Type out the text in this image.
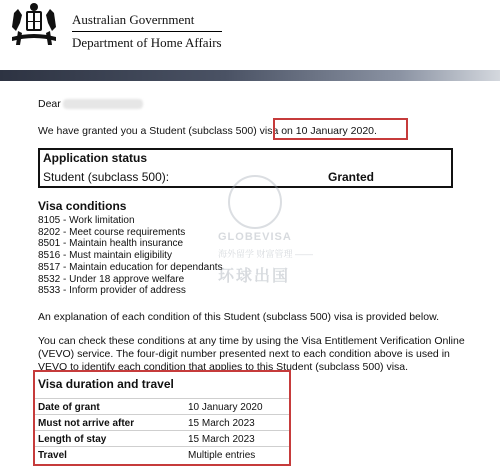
Australian Government
Department of Home Affairs
Dear
We have granted you a Student (subclass 500) visa on 10 January 2020.
Application status
Student (subclass 500):	Granted
Visa conditions
8105 - Work limitation
8202 - Meet course requirements
8501 - Maintain health insurance
8516 - Must maintain eligibility
8517 - Maintain education for dependants
8532 - Under 18 approve welfare
8533 - Inform provider of address
An explanation of each condition of this Student (subclass 500) visa is provided below.
You can check these conditions at any time by using the Visa Entitlement Verification Online (VEVO) service. The four-digit number presented next to each condition above is used in VEVO to identify each condition that applies to this Student (subclass 500) visa.
Visa duration and travel
Date of grant	10 January 2020
Must not arrive after	15 March 2023
Length of stay	15 March 2023
Travel	Multiple entries
GLOBEVISA
海外留学 财富管理 ——
环球出国
